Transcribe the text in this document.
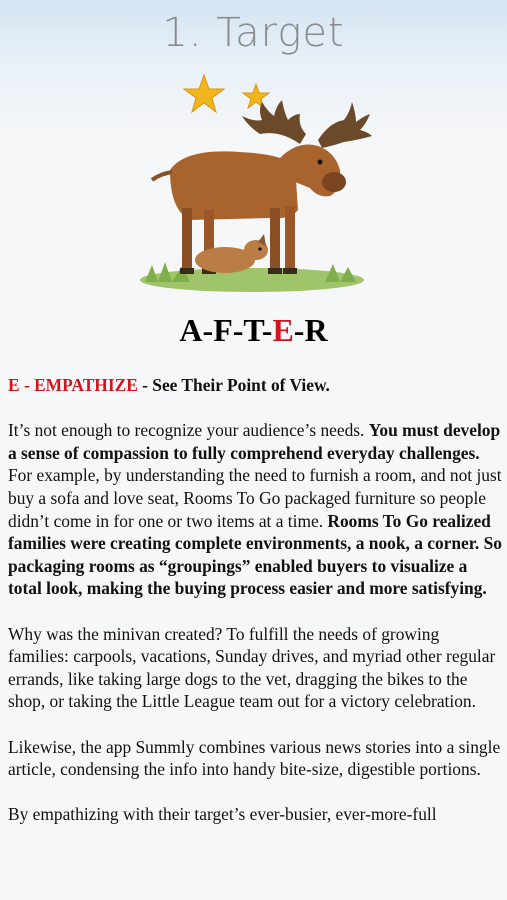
1. Target
A-F-T-E-R

E - EMPATHIZE - See Their Point of View.

It’s not enough to recognize your audience’s needs. You must develop a sense of compassion to fully comprehend everyday challenges. For example, by understanding the need to furnish a room, and not just buy a sofa and love seat, Rooms To Go packaged furniture so people didn’t come in for one or two items at a time. Rooms To Go realized families were creating complete environments, a nook, a corner. So packaging rooms as “groupings” enabled buyers to visualize a total look, making the buying process easier and more satisfying.

Why was the minivan created? To fulfill the needs of growing families: carpools, vacations, Sunday drives, and myriad other regular errands, like taking large dogs to the vet, dragging the bikes to the shop, or taking the Little League team out for a victory celebration.

Likewise, the app Summly combines various news stories into a single article, condensing the info into handy bite-size, digestible portions.

By empathizing with their target’s ever-busier, ever-more-full
